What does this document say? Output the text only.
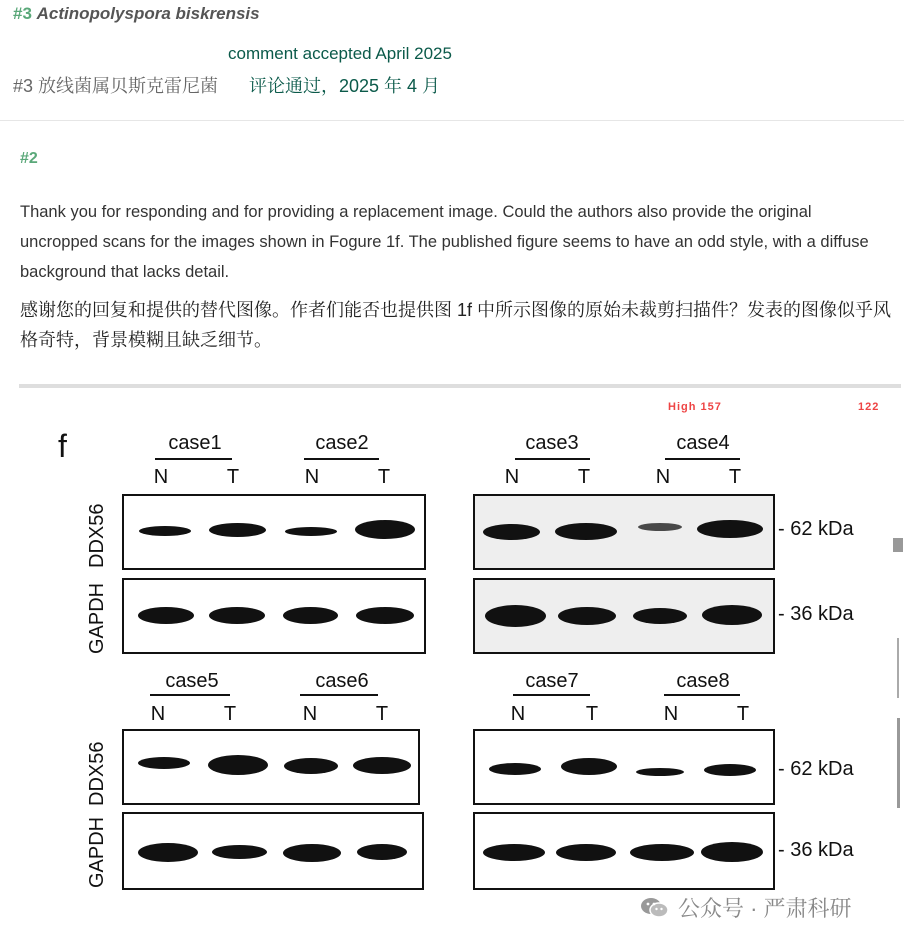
#3 Actinopolyspora biskrensis
comment accepted April 2025
#3 放线菌属贝斯克雷尼菌 评论通过，2025 年 4 月
#2
Thank you for responding and for providing a replacement image. Could the authors also provide the original uncropped scans for the images shown in Fogure 1f. The published figure seems to have an odd style, with a diffuse background that lacks detail.
感谢您的回复和提供的替代图像。作者们能否也提供图 1f 中所示图像的原始未裁剪扫描件？发表的图像似乎风格奇特，背景模糊且缺乏细节。
High 157	122
f	case1	case2
N	T	N	T
case3	case4
N	T	N	T
DDX56
GAPDH
- 62 kDa
- 36 kDa
case5	case6
N	T	N	T
case7	case8
N	T	N	T
DDX56
GAPDH
- 62 kDa
- 36 kDa
公众号 · 严肃科研
